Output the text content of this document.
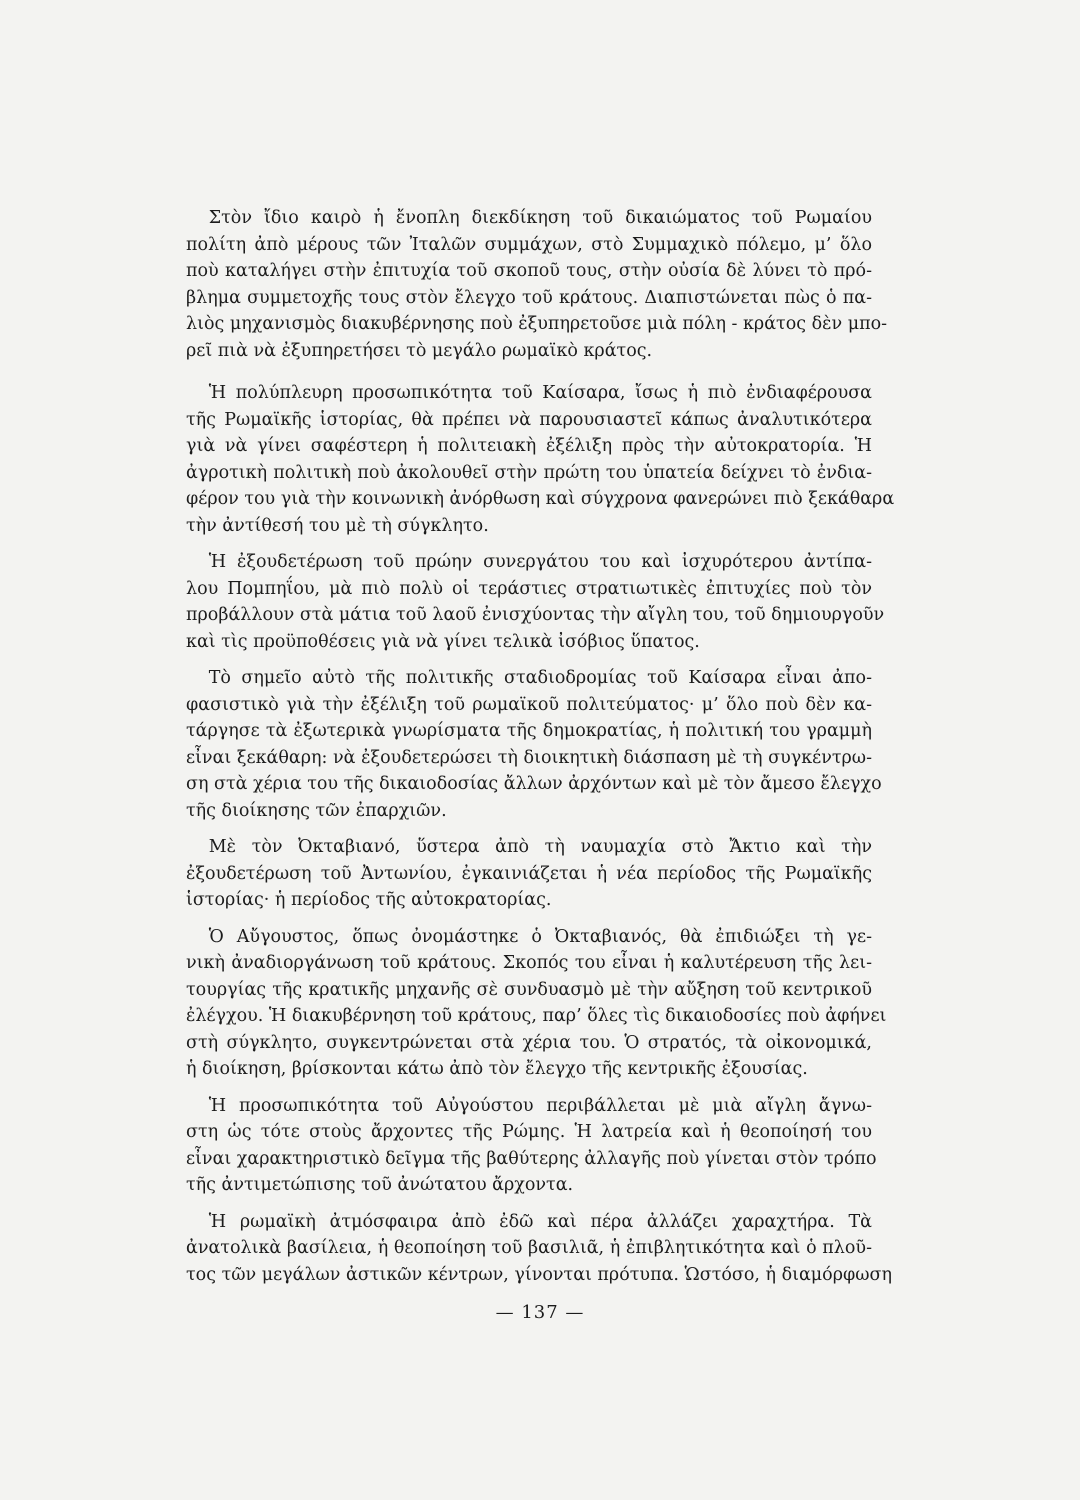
Στὸν ἴδιο καιρὸ ἡ ἔνοπλη διεκδίκηση τοῦ δικαιώματος τοῦ Ρωμαίου
πολίτη ἀπὸ μέρους τῶν Ἰταλῶν συμμάχων, στὸ Συμμαχικὸ πόλεμο, μ’ ὅλο
ποὺ καταλήγει στὴν ἐπιτυχία τοῦ σκοποῦ τους, στὴν οὐσία δὲ λύνει τὸ πρό-
βλημα συμμετοχῆς τους στὸν ἔλεγχο τοῦ κράτους. Διαπιστώνεται πὼς ὁ πα-
λιὸς μηχανισμὸς διακυβέρνησης ποὺ ἐξυπηρετοῦσε μιὰ πόλη - κράτος δὲν μπο-
ρεῖ πιὰ νὰ ἐξυπηρετήσει τὸ μεγάλο ρωμαϊκὸ κράτος.
Ἡ πολύπλευρη προσωπικότητα τοῦ Καίσαρα, ἴσως ἡ πιὸ ἐνδιαφέρουσα
τῆς Ρωμαϊκῆς ἱστορίας, θὰ πρέπει νὰ παρουσιαστεῖ κάπως ἀναλυτικότερα
γιὰ νὰ γίνει σαφέστερη ἡ πολιτειακὴ ἐξέλιξη πρὸς τὴν αὐτοκρατορία. Ἡ
ἀγροτικὴ πολιτικὴ ποὺ ἀκολουθεῖ στὴν πρώτη του ὑπατεία δείχνει τὸ ἐνδια-
φέρον του γιὰ τὴν κοινωνικὴ ἀνόρθωση καὶ σύγχρονα φανερώνει πιὸ ξεκάθαρα
τὴν ἀντίθεσή του μὲ τὴ σύγκλητο.
Ἡ ἐξουδετέρωση τοῦ πρώην συνεργάτου του καὶ ἰσχυρότερου ἀντίπα-
λου Πομπηΐου, μὰ πιὸ πολὺ οἱ τεράστιες στρατιωτικὲς ἐπιτυχίες ποὺ τὸν
προβάλλουν στὰ μάτια τοῦ λαοῦ ἐνισχύοντας τὴν αἴγλη του, τοῦ δημιουργοῦν
καὶ τὶς προϋποθέσεις γιὰ νὰ γίνει τελικὰ ἰσόβιος ὕπατος.
Τὸ σημεῖο αὐτὸ τῆς πολιτικῆς σταδιοδρομίας τοῦ Καίσαρα εἶναι ἀπο-
φασιστικὸ γιὰ τὴν ἐξέλιξη τοῦ ρωμαϊκοῦ πολιτεύματος· μ’ ὅλο ποὺ δὲν κα-
τάργησε τὰ ἐξωτερικὰ γνωρίσματα τῆς δημοκρατίας, ἡ πολιτική του γραμμὴ
εἶναι ξεκάθαρη: νὰ ἐξουδετερώσει τὴ διοικητικὴ διάσπαση μὲ τὴ συγκέντρω-
ση στὰ χέρια του τῆς δικαιοδοσίας ἄλλων ἀρχόντων καὶ μὲ τὸν ἄμεσο ἔλεγχο
τῆς διοίκησης τῶν ἐπαρχιῶν.
Μὲ τὸν Ὀκταβιανό, ὕστερα ἀπὸ τὴ ναυμαχία στὸ Ἄκτιο καὶ τὴν
ἐξουδετέρωση τοῦ Ἀντωνίου, ἐγκαινιάζεται ἡ νέα περίοδος τῆς Ρωμαϊκῆς
ἱστορίας· ἡ περίοδος τῆς αὐτοκρατορίας.
Ὁ Αὔγουστος, ὅπως ὀνομάστηκε ὁ Ὀκταβιανός, θὰ ἐπιδιώξει τὴ γε-
νικὴ ἀναδιοργάνωση τοῦ κράτους. Σκοπός του εἶναι ἡ καλυτέρευση τῆς λει-
τουργίας τῆς κρατικῆς μηχανῆς σὲ συνδυασμὸ μὲ τὴν αὔξηση τοῦ κεντρικοῦ
ἐλέγχου. Ἡ διακυβέρνηση τοῦ κράτους, παρ’ ὅλες τὶς δικαιοδοσίες ποὺ ἀφήνει
στὴ σύγκλητο, συγκεντρώνεται στὰ χέρια του. Ὁ στρατός, τὰ οἰκονομικά,
ἡ διοίκηση, βρίσκονται κάτω ἀπὸ τὸν ἔλεγχο τῆς κεντρικῆς ἐξουσίας.
Ἡ προσωπικότητα τοῦ Αὐγούστου περιβάλλεται μὲ μιὰ αἴγλη ἄγνω-
στη ὡς τότε στοὺς ἄρχοντες τῆς Ρώμης. Ἡ λατρεία καὶ ἡ θεοποίησή του
εἶναι χαρακτηριστικὸ δεῖγμα τῆς βαθύτερης ἀλλαγῆς ποὺ γίνεται στὸν τρόπο
τῆς ἀντιμετώπισης τοῦ ἀνώτατου ἄρχοντα.
Ἡ ρωμαϊκὴ ἀτμόσφαιρα ἀπὸ ἐδῶ καὶ πέρα ἀλλάζει χαραχτήρα. Τὰ
ἀνατολικὰ βασίλεια, ἡ θεοποίηση τοῦ βασιλιᾶ, ἡ ἐπιβλητικότητα καὶ ὁ πλοῦ-
τος τῶν μεγάλων ἀστικῶν κέντρων, γίνονται πρότυπα. Ὡστόσο, ἡ διαμόρφωση
— 137 —
